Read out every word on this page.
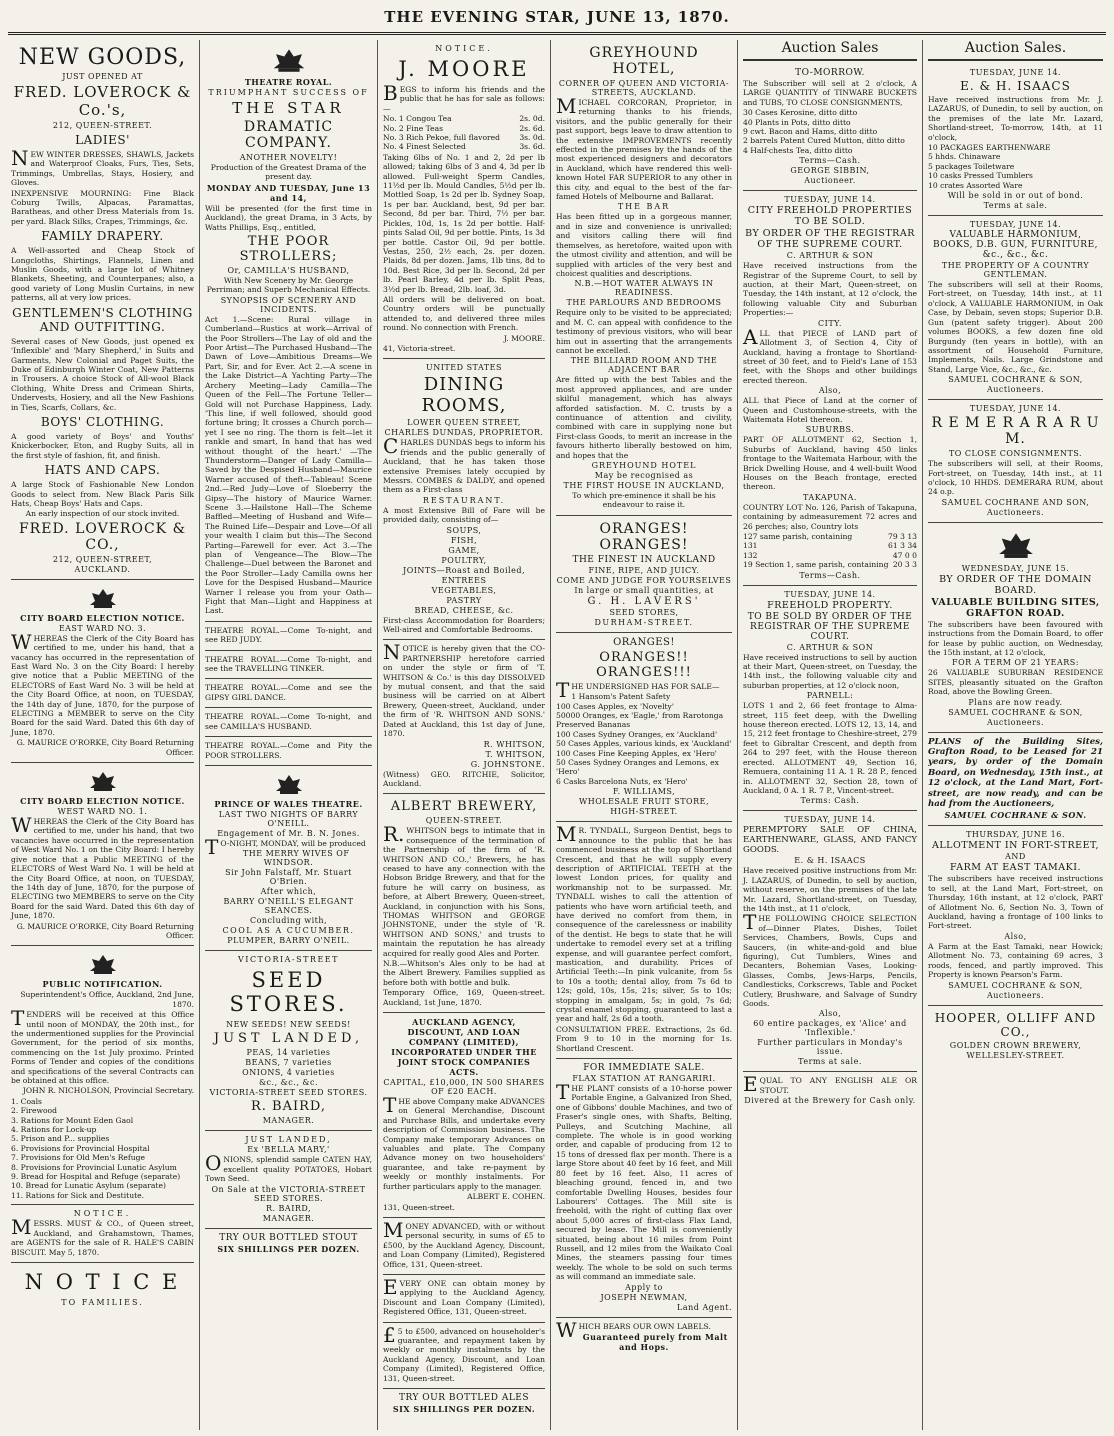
THE EVENING STAR, JUNE 13, 1870.
NEW GOODS,
JUST OPENED AT
FRED. LOVEROCK & Co.'s,
212, QUEEN-STREET.
LADIES'

NEW WINTER DRESSES, SHAWLS, Jackets and Waterproof Cloaks, Furs, Ties, Sets, Trimmings, Umbrellas, Stays, Hosiery, and Gloves.

INEXPENSIVE MOURNING: Fine Black Coburg Twills, Alpacas, Paramattas, Baratheas, and other Dress Materials from 1s. per yard. Black Silks, Crapes, Trimmings, &c.

FAMILY DRAPERY.

A Well-assorted and Cheap Stock of Longcloths, Shirtings, Flannels, Linen and Muslin Goods, with a large lot of Whitney Blankets, Sheeting, and Counterpanes; also, a good variety of Long Muslin Curtains, in new patterns, all at very low prices.

GENTLEMEN'S CLOTHING AND OUTFITTING.

Several cases of New Goods, just opened ex 'Inflexible' and 'Mary Shepherd,' in Suits and Garments, New Colonial and Paget Suits, the Duke of Edinburgh Winter Coat, New Patterns in Trousers. A choice Stock of All-wool Black Clothing, White Dress and Crimean Shirts, Undervests, Hosiery, and all the New Fashions in Ties, Scarfs, Collars, &c.

BOYS' CLOTHING.

A good variety of Boys' and Youths' Knickerbocker, Eton, and Rugby Suits, all in the first style of fashion, fit, and finish.

HATS AND CAPS.

A large Stock of Fashionable New London Goods to select from. New Black Paris Silk Hats, Cheap Boys' Hats and Caps.

An early inspection of our stock invited.

FRED. LOVEROCK & CO.,
212, QUEEN-STREET,
AUCKLAND.
CITY BOARD ELECTION NOTICE.
EAST WARD NO. 3.

WHEREAS the Clerk of the City Board has certified to me, under his hand, that a vacancy has occurred in the representation of East Ward No. 3 on the City Board: I hereby give notice that a Public MEETING of the ELECTORS of East Ward No. 3 will be held at the City Board Office, at noon, on TUESDAY, the 14th day of June, 1870, for the purpose of ELECTING a MEMBER to serve on the City Board for the said Ward. Dated this 6th day of June, 1870.

G. MAURICE O'RORKE, City Board Returning Officer.

CITY BOARD ELECTION NOTICE.
WEST WARD NO. 1.

WHEREAS the Clerk of the City Board has certified to me, under his hand, that two vacancies have occurred in the representation of West Ward No. 1 on the City Board: I hereby give notice that a Public MEETING of the ELECTORS of West Ward No. 1 will be held at the City Board Office, at noon, on TUESDAY, the 14th day of June, 1870, for the purpose of ELECTING two MEMBERS to serve on the City Board for the said Ward. Dated this 6th day of June, 1870.

G. MAURICE O'RORKE, City Board Returning Officer.

PUBLIC NOTIFICATION.

Superintendent's Office, Auckland, 2nd June, 1870.

TENDERS will be received at this Office until noon of MONDAY, the 20th inst., for the undermentioned supplies for the Provincial Government, for the period of six months, commencing on the 1st July proximo. Printed Forms of Tender and copies of the conditions and specifications of the several Contracts can be obtained at this office.

JOHN R. NICHOLSON, Provincial Secretary.

1. Coals
2. Firewood
3. Rations for Mount Eden Gaol
4. Rations for Lock-up
5. Prison and P... supplies
6. Provisions for Provincial Hospital
7. Provisions for Old Men's Refuge
8. Provisions for Provincial Lunatic Asylum
9. Bread for Hospital and Refuge (separate)
10. Bread for Lunatic Asylum (separate)
11. Rations for Sick and Destitute.
NOTICE.

MESSRS. MUST & CO., of Queen street, Auckland, and Grahamstown, Thames, are AGENTS for the sale of R. HALE'S CABIN BISCUIT. May 5, 1870.

N O T I C E
TO FAMILIES.
THEATRE ROYAL.
TRIUMPHANT SUCCESS OF
THE STAR
DRAMATIC COMPANY.
ANOTHER NOVELTY!

Production of the Greatest Drama of the present day.

MONDAY AND TUESDAY, June 13 and 14,

Will be presented (for the first time in Auckland), the great Drama, in 3 Acts, by Watts Phillips, Esq., entitled,

THE POOR STROLLERS;
Or, CAMILLA'S HUSBAND,

With New Scenery by Mr. George Perriman; and Superb Mechanical Effects.

SYNOPSIS OF SCENERY AND INCIDENTS.

Act 1.—Scene: Rural village in Cumberland—Rustics at work—Arrival of the Poor Strollers—The Lay of old and the Poor Artist—The Purchased Husband—The Dawn of Love—Ambitious Dreams—We Part, Sir, and for Ever. Act 2.—A scene in the Lake District—A Yachting Party—The Archery Meeting—Lady Camilla—The Queen of the Fell—The Fortune Teller—Gold will not Purchase Happiness, Lady. 'This line, if well followed, should good fortune bring; It crosses a Church porch—yet I see no ring. The thorn is felt—let it rankle and smart, In hand that has wed without thought of the heart.' —The Thunderstorm—Danger of Lady Camilla—Saved by the Despised Husband—Maurice Warner accused of theft—Tableau! Scene 2nd.—Red Judy—Love of Sloeberry the Gipsy—The history of Maurice Warner. Scene 3.—Hailstone Hall—The Scheme Baffled—Meeting of Husband and Wife—The Ruined Life—Despair and Love—Of all your wealth I claim but this—The Second Parting—Farewell for ever. Act 3.—The plan of Vengeance—The Blow—The Challenge—Duel between the Baronet and the Poor Stroller—Lady Camilla owns her Love for the Despised Husband—Maurice Warner I release you from your Oath—Fight that Man—Light and Happiness at Last.

THEATRE ROYAL.—Come To-night, and see RED JUDY.

THEATRE ROYAL.—Come To-night, and see the TRAVELLING TINKER.

THEATRE ROYAL.—Come and see the GIPSY GIRL DANCE.

THEATRE ROYAL.—Come To-night, and see CAMILLA'S HUSBAND.

THEATRE ROYAL.—Come and Pity the POOR STROLLERS.

PRINCE OF WALES THEATRE.
LAST TWO NIGHTS OF BARRY O'NEILL.
Engagement of Mr. B. N. Jones.

TO-NIGHT, MONDAY, will be produced

THE MERRY WIVES OF WINDSOR.
Sir John Falstaff, Mr. Stuart O'Brien.
After which,
BARRY O'NEILL'S ELEGANT SEANCES.
Concluding with,
COOL AS A CUCUMBER.
PLUMPER, BARRY O'NEIL.
VICTORIA-STREET
SEED STORES.
NEW SEEDS! NEW SEEDS!
JUST LANDED,
PEAS, 14 varieties
BEANS, 7 varieties
ONIONS, 4 varieties
&c., &c., &c.
VICTORIA-STREET SEED STORES.
R. BAIRD,
MANAGER.
JUST LANDED,
Ex 'BELLA MARY,'

ONIONS, splendid sample CATEN HAY, excellent quality POTATOES, Hobart Town Seed.

On Sale at the VICTORIA-STREET SEED STORES.
R. BAIRD,
MANAGER.
TRY OUR BOTTLED STOUT
SIX SHILLINGS PER DOZEN.
NOTICE.
J. MOORE

BEGS to inform his friends and the public that he has for sale as follows:—

No. 1 Congou Tea	2s. 0d.
No. 2 Fine Teas	2s. 6d.
No. 3 Rich Pekoe, full flavored	3s. 0d.
No. 4 Finest Selected	3s. 6d.

Taking 6lbs of No. 1 and 2, 2d per lb allowed; taking 6lbs of 3 and 4, 3d per lb allowed. Full-weight Sperm Candles, 11½d per lb. Mould Candles, 5½d per lb. Mottled Soap, 1s 2d per lb. Sydney Soap, 1s per bar. Auckland, best, 9d per bar. Second, 8d per bar. Third, 7½ per bar. Pickles, 10d, 1s, 1s 2d per bottle. Half-pints Salad Oil, 9d per bottle. Pints, 1s 3d per bottle. Castor Oil, 9d per bottle. Vestas, 250, 2½ each, 2s. per dozen. Plaids, 8d per dozen. Jams, 1lb tins, 8d to 10d. Best Rice, 3d per lb. Second, 2d per lb. Pearl Barley, 4d per lb. Split Peas, 3½d per lb. Bread, 2lb. loaf, 3d.

All orders will be delivered on boat. Country orders will be punctually attended to, and delivered three miles round. No connection with French.

J. MOORE.

41, Victoria-street.

UNITED STATES
DINING ROOMS,
LOWER QUEEN STREET,
CHARLES DUNDAS, PROPRIETOR.

CHARLES DUNDAS begs to inform his friends and the public generally of Auckland, that he has taken those extensive Premises lately occupied by Messrs. COMBES & DALDY, and opened them as a First-class

RESTAURANT.

A most Extensive Bill of Fare will be provided daily, consisting of—

SOUPS,
FISH,
GAME,
POULTRY,
JOINTS—Roast and Boiled,
ENTREES
VEGETABLES,
PASTRY
BREAD, CHEESE, &c.

First-class Accommodation for Boarders; Well-aired and Comfortable Bedrooms.

NOTICE is hereby given that the CO-PARTNERSHIP heretofore carried on under the style or firm of 'T. WHITSON & Co.' is this day DISSOLVED by mutual consent, and that the said business will be carried on at Albert Brewery, Queen-street, Auckland, under the firm of 'R. WHITSON AND SONS.' Dated at Auckland, this 1st day of June, 1870.

R. WHITSON,
T. WHITSON,
G. JOHNSTONE.

(Witness) GEO. RITCHIE, Solicitor, Auckland.

ALBERT BREWERY,
QUEEN-STREET.

R.WHITSON begs to intimate that in consequence of the termination of the Partnership of the firm of 'R. WHITSON AND CO.,' Brewers, he has ceased to have any connection with the Hobson Bridge Brewery, and that for the future he will carry on business, as before, at Albert Brewery, Queen-street, Auckland, in conjunction with his Sons, THOMAS WHITSON and GEORGE JOHNSTONE, under the style of 'R. WHITSON AND SONS,' and trusts to maintain the reputation he has already acquired for really good Ales and Porter.

N.B.—Whitson's Ales only to be had at the Albert Brewery. Families supplied as before both with bottle and bulk.

Temporary Office, 169, Queen-street. Auckland, 1st June, 1870.

AUCKLAND AGENCY, DISCOUNT, AND LOAN COMPANY (LIMITED), INCORPORATED UNDER THE JOINT STOCK COMPANIES ACTS.
CAPITAL, £10,000, IN 500 SHARES OF £20 EACH.

THE above Company make ADVANCES on General Merchandise, Discount and Purchase Bills, and undertake every description of Commission business. The Company make temporary Advances on valuables and plate. The Company Advance money on two householders' guarantee, and take re-payment by weekly or monthly instalments. For further particulars apply to the manager.

ALBERT E. COHEN.

131, Queen-street.

MONEY ADVANCED, with or without personal security, in sums of £5 to £500, by the Auckland Agency, Discount, and Loan Company (Limited), Registered Office, 131, Queen-street.

EVERY ONE can obtain money by applying to the Auckland Agency, Discount and Loan Company (Limited), Registered Office, 131, Queen-street.

£5 to £500, advanced on householder's guarantee, and repayment taken by weekly or monthly instalments by the Auckland Agency, Discount, and Loan Company (Limited), Registered Office, 131, Queen-street.

TRY OUR BOTTLED ALES
SIX SHILLINGS PER DOZEN.
GREYHOUND HOTEL,
CORNER OF QUEEN AND VICTORIA-STREETS, AUCKLAND.

MICHAEL CORCORAN, Proprietor, in returning thanks to his friends, visitors, and the public generally for their past support, begs leave to draw attention to the extensive IMPROVEMENTS recently effected in the premises by the hands of the most experienced designers and decorators in Auckland, which have rendered this well-known Hotel FAR SUPERIOR to any other in this city, and equal to the best of the far-famed Hotels of Melbourne and Ballarat.

THE BAR

Has been fitted up in a gorgeous manner, and in size and convenience is unrivalled; and visitors calling there will find themselves, as heretofore, waited upon with the utmost civility and attention, and will be supplied with articles of the very best and choicest qualities and descriptions.

N.B.—HOT WATER ALWAYS IN READINESS.
THE PARLOURS AND BEDROOMS

Require only to be visited to be appreciated; and M. C. can appeal with confidence to the testimony of previous visitors, who will bear him out in asserting that the arrangements cannot be excelled.

THE BILLIARD ROOM AND THE ADJACENT BAR

Are fitted up with the best Tables and the most approved appliances, and are under skilful management, which has always afforded satisfaction. M. C. trusts by a continuance of attention and civility, combined with care in supplying none but First-class Goods, to merit an increase in the favours hitherto liberally bestowed on him, and hopes that the

GREYHOUND HOTEL
May be recognised as
THE FIRST HOUSE IN AUCKLAND,

To which pre-eminence it shall be his endeavour to raise it.

ORANGES! ORANGES!
THE FINEST IN AUCKLAND
FINE, RIPE, AND JUICY.
COME AND JUDGE FOR YOURSELVES
In large or small quantities, at
G. H. LAVERS'
SEED STORES,
DURHAM-STREET.
ORANGES!
ORANGES!! ORANGES!!!

THE UNDERSIGNED HAS FOR SALE—

1 Hansom's Patent Safety
100 Cases Apples, ex 'Novelty'
50000 Oranges, ex 'Eagle,' from Rarotonga
Preserved Bananas
100 Cases Sydney Oranges, ex 'Auckland'
50 Cases Apples, various kinds, ex 'Auckland'
100 Cases Fine Keeping Apples, ex 'Hero'
50 Cases Sydney Oranges and Lemons, ex 'Hero'
6 Casks Barcelona Nuts, ex 'Hero'
F. WILLIAMS,
WHOLESALE FRUIT STORE,
HIGH-STREET.

MR. TYNDALL, Surgeon Dentist, begs to announce to the public that he has commenced business at the top of Shortland Crescent, and that he will supply every description of ARTIFICIAL TEETH at the lowest London prices, for quality and workmanship not to be surpassed. Mr. TYNDALL wishes to call the attention of patients who have worn artificial teeth, and have derived no comfort from them, in consequence of the carelessness or inability of the dentist. He begs to state that he will undertake to remodel every set at a trifling expense, and will guarantee perfect comfort, mastication, and durability. Prices of Artificial Teeth:—In pink vulcanite, from 5s to 10s a tooth; dental alloy, from 7s 6d to 12s; gold, 10s, 15s, 21s; silver, 5s to 10s; stopping in amalgam, 5s; in gold, 7s 6d; crystal enamel stopping, guaranteed to last a year and half, 2s 6d a tooth.

CONSULTATION FREE. Extractions, 2s 6d. From 9 to 10 in the morning for 1s. Shortland Crescent.

FOR IMMEDIATE SALE.
FLAX STATION AT RANGARIRI.

THE PLANT consists of a 10-horse power Portable Engine, a Galvanized Iron Shed, one of Gibbons' double Machines, and two of Fraser's single ones, with Shafts, Belting, Pulleys, and Scutching Machine, all complete. The whole is in good working order, and capable of producing from 12 to 15 tons of dressed flax per month. There is a large Store about 40 feet by 16 feet, and Mill 80 feet by 16 feet. Also, 11 acres of bleaching ground, fenced in, and two comfortable Dwelling Houses, besides four Labourers' Cottages. The Mill site is freehold, with the right of cutting flax over about 5,000 acres of first-class Flax Land, secured by lease. The Mill is conveniently situated, being about 16 miles from Point Russell, and 12 miles from the Waikato Coal Mines, the steamers passing four times weekly. The whole to be sold on such terms as will command an immediate sale.

Apply to
JOSEPH NEWMAN,
Land Agent.

WHICH BEARS OUR OWN LABELS.

Guaranteed purely from Malt and Hops.
Auction Sales
TO-MORROW.

The Subscriber will sell at 2 o'clock, A LARGE QUANTITY of TINWARE BUCKETS and TUBS, TO CLOSE CONSIGNMENTS,

30 Cases Kerosine, ditto ditto
40 Plants in Pots, ditto ditto
9 cwt. Bacon and Hams, ditto ditto
2 barrels Patent Cured Mutton, ditto ditto
4 Half-chests Tea, ditto ditto
Terms—Cash.
GEORGE SIBBIN,
Auctioneer.
TUESDAY, JUNE 14.
CITY FREEHOLD PROPERTIES TO BE SOLD.
BY ORDER OF THE REGISTRAR OF THE SUPREME COURT.
C. ARTHUR & SON

Have received instructions from the Registrar of the Supreme Court, to sell by auction, at their Mart, Queen-street, on Tuesday, the 14th instant, at 12 o'clock, the following valuable City and Suburban Properties:—

CITY.

ALL that PIECE of LAND part of Allotment 3, of Section 4, City of Auckland, having a frontage to Shortland-street of 30 feet, and to Field's Lane of 153 feet, with the Shops and other buildings erected thereon.

Also,

ALL that Piece of Land at the corner of Queen and Customhouse-streets, with the Waitemata Hotel thereon.

SUBURBS.

PART OF ALLOTMENT 62, Section 1, Suburbs of Auckland, having 450 links frontage to the Waitemata Harbour, with the Brick Dwelling House, and 4 well-built Wood Houses on the Beach frontage, erected thereon.

TAKAPUNA.

COUNTRY LOT No. 126, Parish of Takapuna, containing by admeasurement 72 acres and 26 perches; also, Country lots

127 same parish, containing	79 3 13
131	61 3 34
132	47 0 0
19 Section 1, same parish, containing 20 3 3
Terms—Cash.
TUESDAY, JUNE 14.
FREEHOLD PROPERTY.
TO BE SOLD BY ORDER OF THE REGISTRAR OF THE SUPREME COURT.
C. ARTHUR & SON

Have received instructions to sell by auction at their Mart, Queen-street, on Tuesday, the 14th inst., the following valuable city and suburban properties, at 12 o'clock noon,

PARNELL:

LOTS 1 and 2, 66 feet frontage to Alma-street, 115 feet deep, with the Dwelling house thereon erected. LOTS 12, 13, 14, and 15, 212 feet frontage to Cheshire-street, 279 feet to Gibraltar Crescent, and depth from 264 to 297 feet, with the House thereon erected. ALLOTMENT 49, Section 16, Remuera, containing 11 A. 1 R. 28 P., fenced in. ALLOTMENT 32, Section 28, town of Auckland, 0 A. 1 R. 7 P., Vincent-street.

Terms: Cash.
TUESDAY, JUNE 14.

PEREMPTORY SALE OF CHINA, EARTHENWARE, GLASS, AND FANCY GOODS.

E. & H. ISAACS

Have received positive instructions from Mr. J. LAZARUS, of Dunedin, to sell by auction, without reserve, on the premises of the late Mr. Lazard, Shortland-street, on Tuesday, the 14th inst., at 11 o'clock,

THE FOLLOWING CHOICE SELECTION of—Dinner Plates, Dishes, Toilet Services, Chambers, Bowls, Cups and Saucers, (in white-and-gold and blue figuring), Cut Tumblers, Wines and Decanters, Bohemian Vases, Looking-Glasses, Combs, Jews-Harps, Pencils, Candlesticks, Corkscrews, Table and Pocket Cutlery, Brushware, and Salvage of Sundry Goods.

Also,
60 entire packages, ex 'Alice' and 'Inflexible.'
Further particulars in Monday's issue.
Terms at sale.

EQUAL TO ANY ENGLISH ALE OR STOUT.

Divered at the Brewery for Cash only.
Auction Sales.
TUESDAY, JUNE 14.
E. & H. ISAACS

Have received instructions from Mr. J. LAZARUS, of Dunedin, to sell by auction, on the premises of the late Mr. Lazard, Shortland-street, To-morrow, 14th, at 11 o'clock,

10 PACKAGES EARTHENWARE
5 hhds. Chinaware
5 packages Toiletware
10 casks Pressed Tumblers
10 crates Assorted Ware
Will be sold in or out of bond.
Terms at sale.
TUESDAY, JUNE 14.
VALUABLE HARMONIUM, BOOKS, D.B. GUN, FURNITURE, &c., &c., &c.
THE PROPERTY OF A COUNTRY GENTLEMAN.

The subscribers will sell at their Rooms, Fort-street, on Tuesday, 14th inst., at 11 o'clock, A VALUABLE HARMONIUM, in Oak Case, by Debain, seven stops; Superior D.B. Gun (patent safety trigger). About 200 volumes BOOKS, a few dozen fine old Burgundy (ten years in bottle), with an assortment of Household Furniture, Implements, Nails. Large Grindstone and Stand, Large Vice, &c., &c., &c.

SAMUEL COCHRANE & SON,
Auctioneers.
TUESDAY, JUNE 14.
R E M E R A R A R U M.
TO CLOSE CONSIGNMENTS.

The subscribers will sell, at their Rooms, Fort-street, on Tuesday, 14th inst., at 11 o'clock, 10 HHDS. DEMERARA RUM, about 24 o.p.

SAMUEL COCHRANE AND SON,
Auctioneers.
WEDNESDAY, JUNE 15.
BY ORDER OF THE DOMAIN BOARD.
VALUABLE BUILDING SITES, GRAFTON ROAD.

The subscribers have been favoured with instructions from the Domain Board, to offer for lease by public auction, on Wednesday, the 15th instant, at 12 o'clock,

FOR A TERM OF 21 YEARS:

26 VALUABLE SUBURBAN RESIDENCE SITES, pleasantly situated on the Grafton Road, above the Bowling Green.

Plans are now ready.
SAMUEL COCHRANE & SON,
Auctioneers.

PLANS of the Building Sites, Grafton Road, to be Leased for 21 years, by order of the Domain Board, on Wednesday, 15th inst., at 12 o'clock, at the Land Mart, Fort-street, are now ready, and can be had from the Auctioneers,

SAMUEL COCHRANE & SON.
THURSDAY, JUNE 16.
ALLOTMENT IN FORT-STREET,
AND
FARM AT EAST TAMAKI.

The subscribers have received instructions to sell, at the Land Mart, Fort-street, on Thursday, 16th instant, at 12 o'clock, PART of Allotment No. 6, Section No. 3, Town of Auckland, having a frontage of 100 links to Fort-street.

Also,

A Farm at the East Tamaki, near Howick; Allotment No. 73, containing 69 acres, 3 roods, fenced, and partly improved. This Property is known Pearson's Farm.

SAMUEL COCHRANE & SON,
Auctioneers.
HOOPER, OLLIFF AND CO.,
GOLDEN CROWN BREWERY,
WELLESLEY-STREET.
